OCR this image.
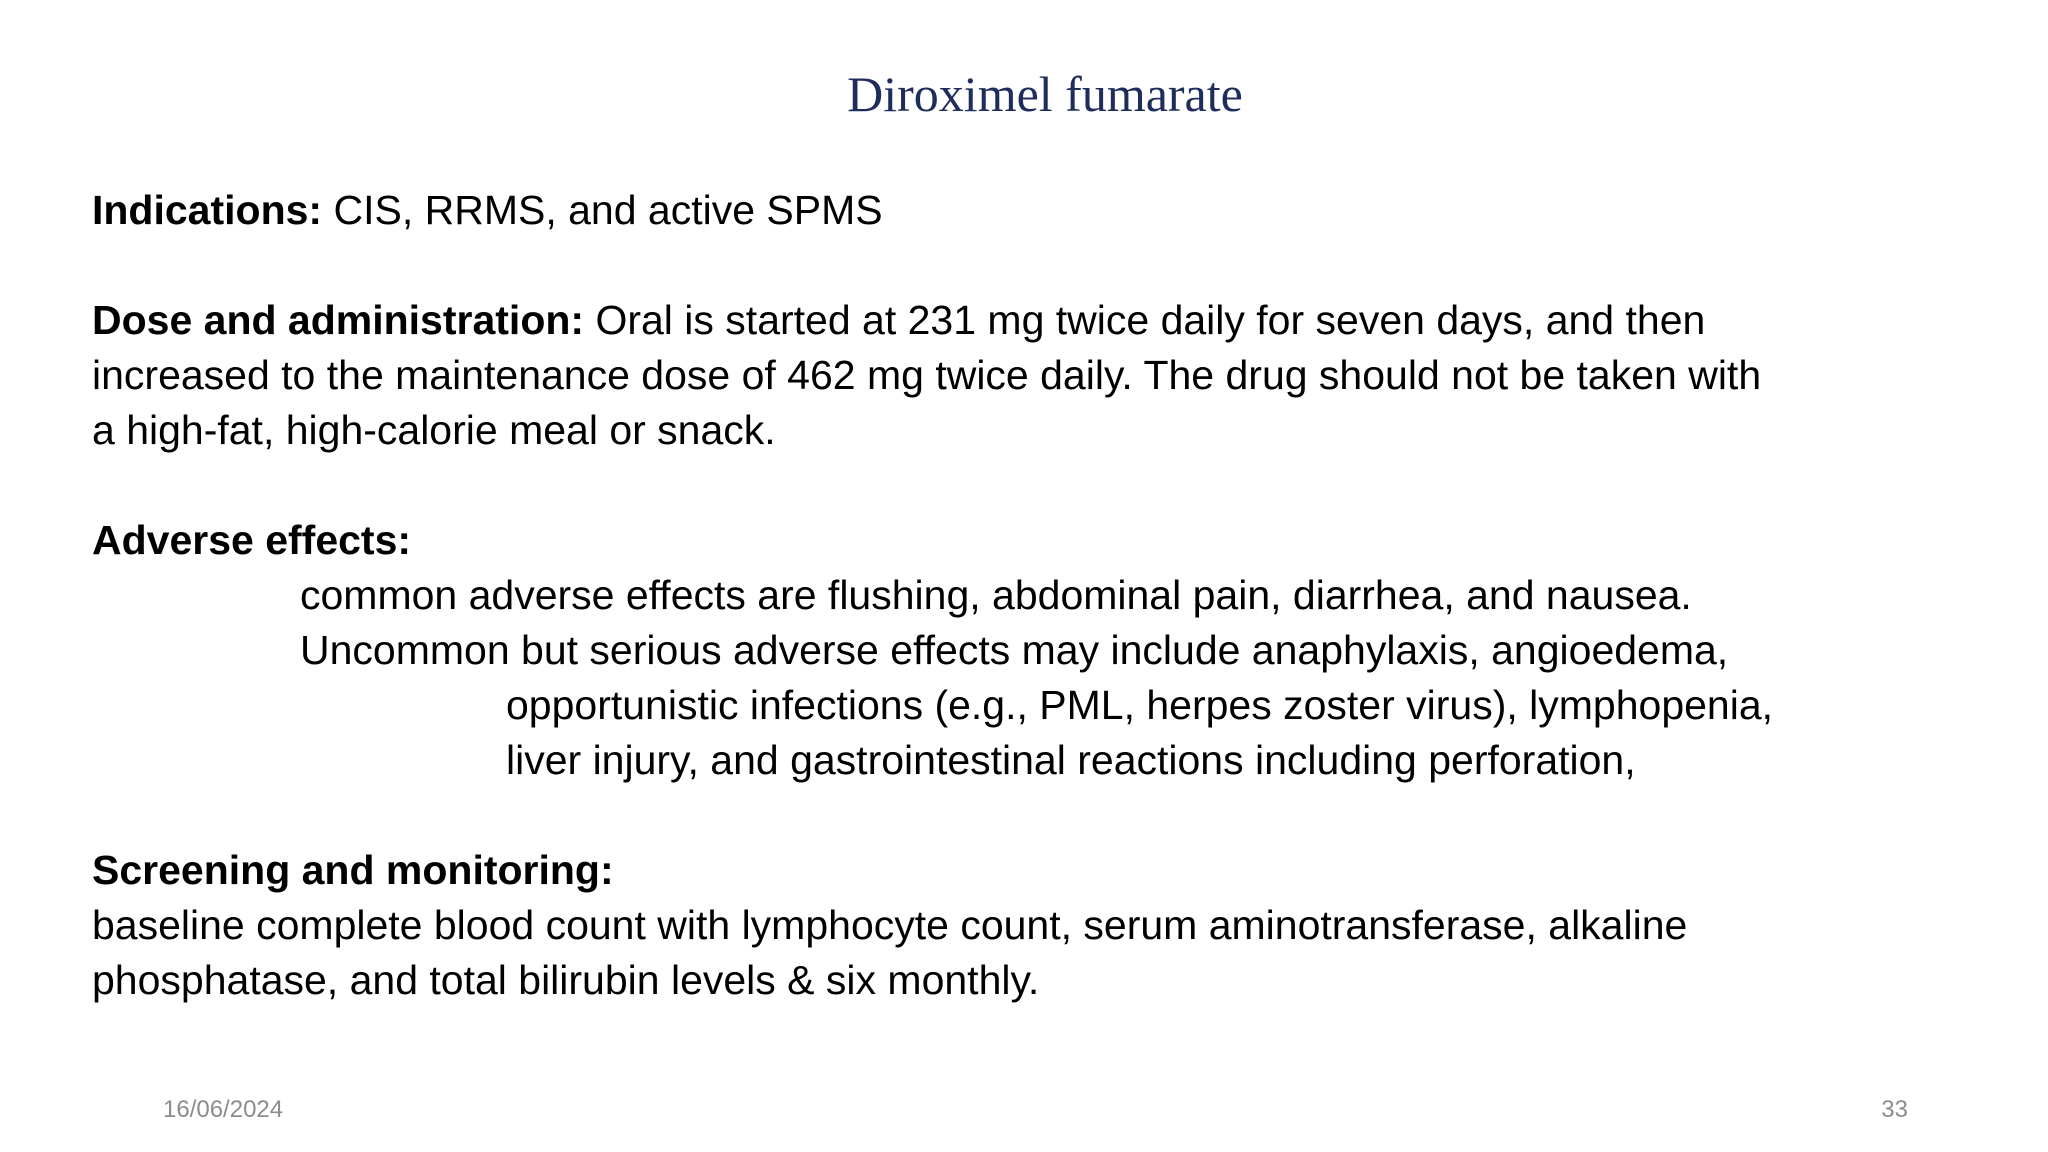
Diroximel fumarate
Indications: CIS, RRMS, and active SPMS
Dose and administration: Oral is started at 231 mg twice daily for seven days, and then
increased to the maintenance dose of 462 mg twice daily. The drug should not be taken with
a high-fat, high-calorie meal or snack.
Adverse effects:
common adverse effects are flushing, abdominal pain, diarrhea, and nausea.
Uncommon but serious adverse effects may include anaphylaxis, angioedema,
opportunistic infections (e.g., PML, herpes zoster virus), lymphopenia,
liver injury, and gastrointestinal reactions including perforation,
Screening and monitoring:
baseline complete blood count with lymphocyte count, serum aminotransferase, alkaline
phosphatase, and total bilirubin levels & six monthly.
16/06/2024	33
